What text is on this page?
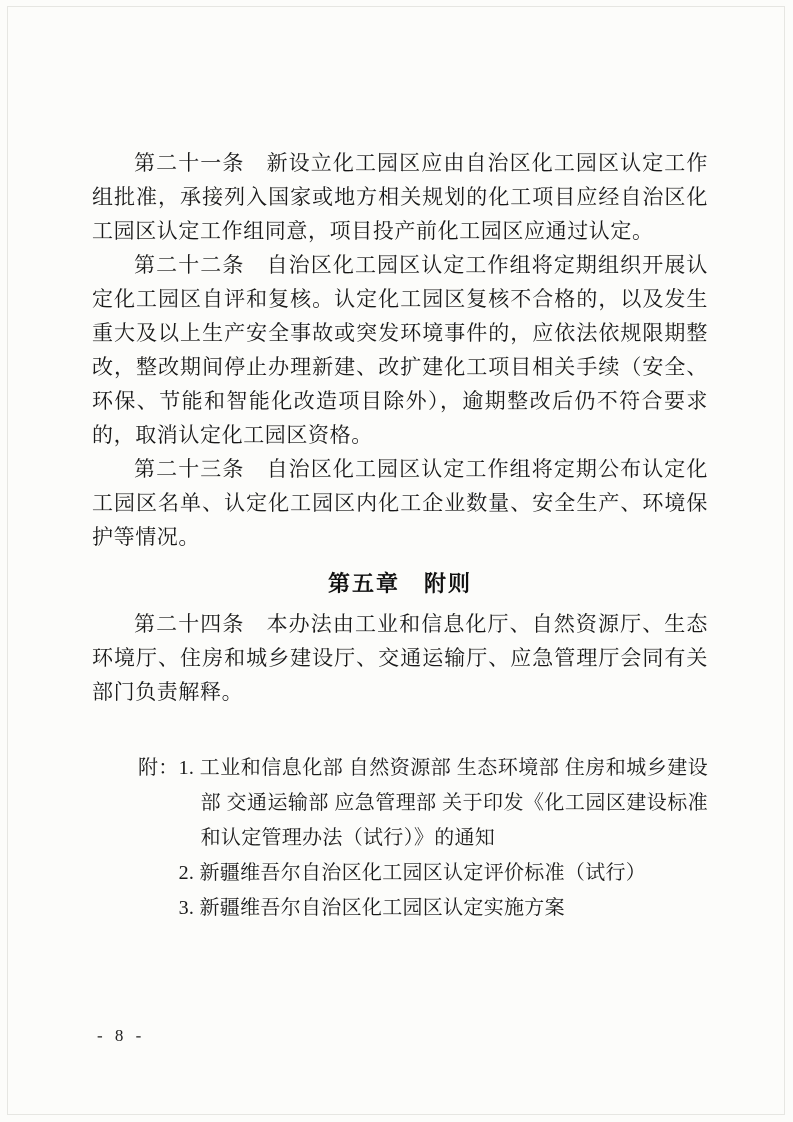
第二十一条　新设立化工园区应由自治区化工园区认定工作组批准，承接列入国家或地方相关规划的化工项目应经自治区化工园区认定工作组同意，项目投产前化工园区应通过认定。

第二十二条　自治区化工园区认定工作组将定期组织开展认定化工园区自评和复核。认定化工园区复核不合格的，以及发生重大及以上生产安全事故或突发环境事件的，应依法依规限期整改，整改期间停止办理新建、改扩建化工项目相关手续（安全、环保、节能和智能化改造项目除外），逾期整改后仍不符合要求的，取消认定化工园区资格。

第二十三条　自治区化工园区认定工作组将定期公布认定化工园区名单、认定化工园区内化工企业数量、安全生产、环境保护等情况。

第五章　附则

第二十四条　本办法由工业和信息化厅、自然资源厅、生态环境厅、住房和城乡建设厅、交通运输厅、应急管理厅会同有关部门负责解释。

附： 1. 工业和信息化部 自然资源部 生态环境部 住房和城乡建设部 交通运输部 应急管理部 关于印发《化工园区建设标准和认定管理办法（试行）》的通知

2. 新疆维吾尔自治区化工园区认定评价标准（试行）

3. 新疆维吾尔自治区化工园区认定实施方案

- 8 -
